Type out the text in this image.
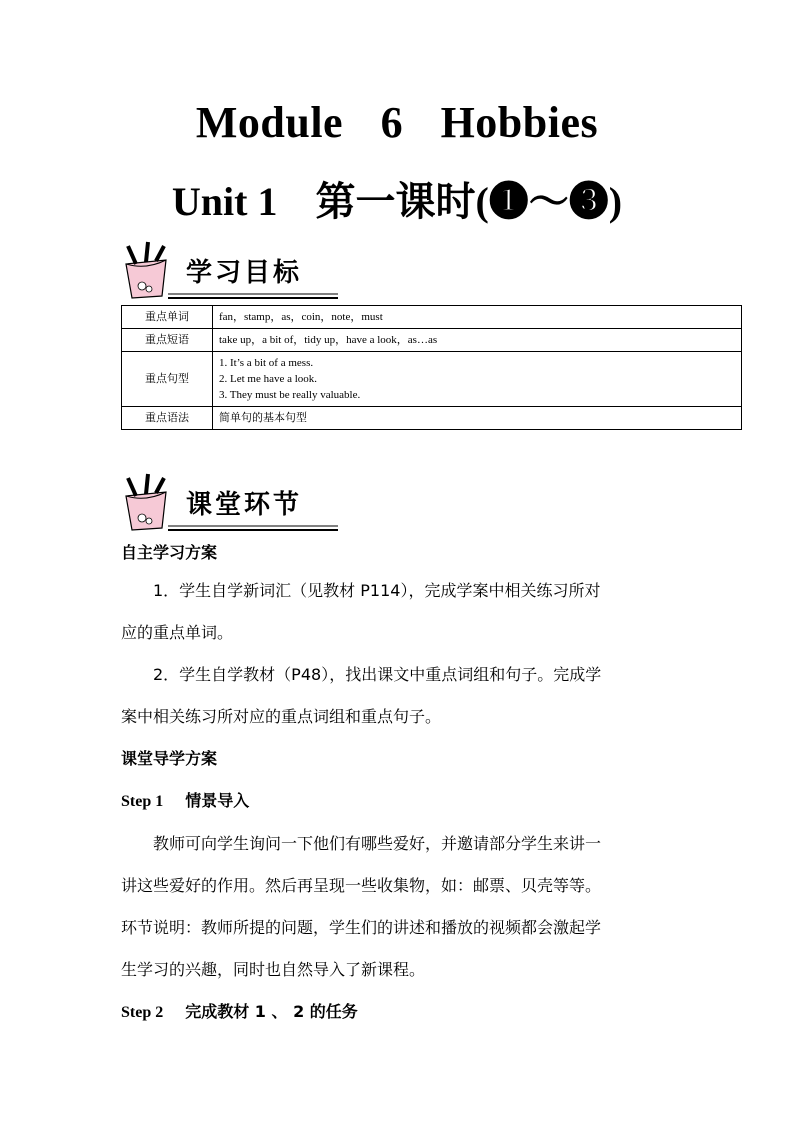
Module 6 Hobbies
Unit 1 第一课时(❶～❸)
学习目标
重点单词	fan，stamp，as，coin，note，must
重点短语	take up，a bit of，tidy up，have a look，as…as
重点句型	1. It’s a bit of a mess.
2. Let me have a look.
3. They must be really valuable.

重点语法	简单句的基本句型
课堂环节
自主学习方案
1．学生自学新词汇（见教材 P114），完成学案中相关练习所对
应的重点单词。
2．学生自学教材（P48），找出课文中重点词组和句子。完成学
案中相关练习所对应的重点词组和重点句子。
课堂导学方案
Step 1 情景导入
教师可向学生询问一下他们有哪些爱好，并邀请部分学生来讲一
讲这些爱好的作用。然后再呈现一些收集物，如：邮票、贝壳等等。
环节说明：教师所提的问题，学生们的讲述和播放的视频都会激起学
生学习的兴趣，同时也自然导入了新课程。
Step 2 完成教材 1 、 2 的任务
